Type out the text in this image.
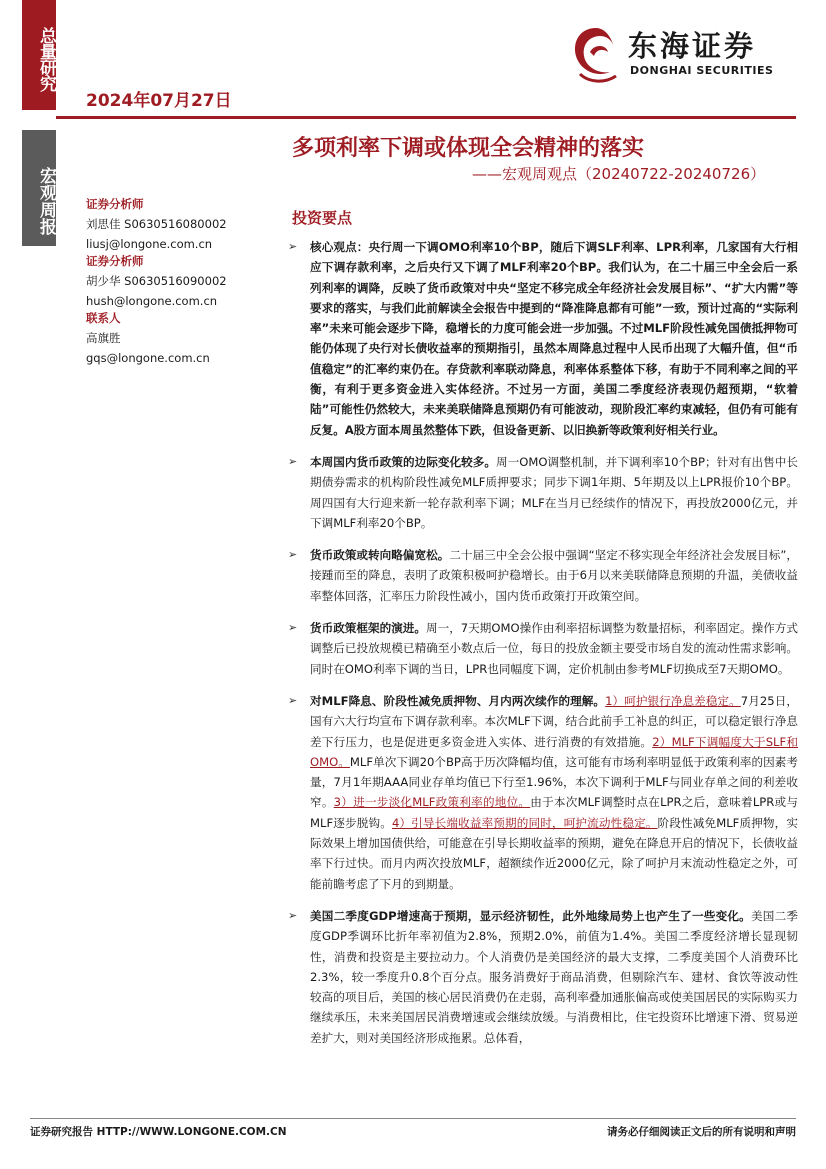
总量研究
2024年07月27日
东海证券
DONGHAI SECURITIES
宏观周报
多项利率下调或体现全会精神的落实
——宏观周观点（20240722-20240726）
证券分析师
刘思佳 S0630516080002
liusj@longone.com.cn
证券分析师
胡少华 S0630516090002
hush@longone.com.cn
联系人
高旗胜
gqs@longone.com.cn
投资要点
➢ 核心观点：央行周一下调OMO利率10个BP，随后下调SLF利率、LPR利率，几家国有大行相应下调存款利率，之后央行又下调了MLF利率20个BP。我们认为，在二十届三中全会后一系列利率的调降，反映了货币政策对中央“坚定不移完成全年经济社会发展目标”、“扩大内需”等要求的落实，与我们此前解读全会报告中提到的“降准降息都有可能”一致，预计过高的“实际利率”未来可能会逐步下降，稳增长的力度可能会进一步加强。不过MLF阶段性减免国债抵押物可能仍体现了央行对长债收益率的预期指引，虽然本周降息过程中人民币出现了大幅升值，但“币值稳定”的汇率约束仍在。存贷款利率联动降息，利率体系整体下移，有助于不同利率之间的平衡，有利于更多资金进入实体经济。不过另一方面，美国二季度经济表现仍超预期，“软着陆”可能性仍然较大，未来美联储降息预期仍有可能波动，现阶段汇率约束减轻，但仍有可能有反复。A股方面本周虽然整体下跌，但设备更新、以旧换新等政策利好相关行业。
➢ 本周国内货币政策的边际变化较多。周一OMO调整机制，并下调利率10个BP；针对有出售中长期债券需求的机构阶段性减免MLF质押要求；同步下调1年期、5年期及以上LPR报价10个BP。周四国有大行迎来新一轮存款利率下调；MLF在当月已经续作的情况下，再投放2000亿元，并下调MLF利率20个BP。
➢ 货币政策或转向略偏宽松。二十届三中全会公报中强调“坚定不移实现全年经济社会发展目标”，接踵而至的降息，表明了政策积极呵护稳增长。由于6月以来美联储降息预期的升温，美债收益率整体回落，汇率压力阶段性减小，国内货币政策打开政策空间。
➢ 货币政策框架的演进。周一，7天期OMO操作由利率招标调整为数量招标，利率固定。操作方式调整后已投放规模已精确至小数点后一位，每日的投放金额主要受市场自发的流动性需求影响。同时在OMO利率下调的当日，LPR也同幅度下调，定价机制由参考MLF切换成至7天期OMO。
➢ 对MLF降息、阶段性减免质押物、月内两次续作的理解。1）呵护银行净息差稳定。7月25日，国有六大行均宣布下调存款利率。本次MLF下调，结合此前手工补息的纠正，可以稳定银行净息差下行压力，也是促进更多资金进入实体、进行消费的有效措施。2）MLF下调幅度大于SLF和OMO。MLF单次下调20个BP高于历次降幅均值，这可能有市场利率明显低于政策利率的因素考量，7月1年期AAA同业存单均值已下行至1.96%，本次下调利于MLF与同业存单之间的利差收窄。3）进一步淡化MLF政策利率的地位。由于本次MLF调整时点在LPR之后，意味着LPR或与MLF逐步脱钩。4）引导长端收益率预期的同时，呵护流动性稳定。阶段性减免MLF质押物，实际效果上增加国债供给，可能意在引导长期收益率的预期，避免在降息开启的情况下，长债收益率下行过快。而月内两次投放MLF，超额续作近2000亿元，除了呵护月末流动性稳定之外，可能前瞻考虑了下月的到期量。
➢ 美国二季度GDP增速高于预期，显示经济韧性，此外地缘局势上也产生了一些变化。美国二季度GDP季调环比折年率初值为2.8%，预期2.0%，前值为1.4%。美国二季度经济增长显现韧性，消费和投资是主要拉动力。个人消费仍是美国经济的最大支撑，二季度美国个人消费环比2.3%，较一季度升0.8个百分点。服务消费好于商品消费，但剔除汽车、建材、食饮等波动性较高的项目后，美国的核心居民消费仍在走弱，高利率叠加通胀偏高或使美国居民的实际购买力继续承压，未来美国居民消费增速或会继续放缓。与消费相比，住宅投资环比增速下滑、贸易逆差扩大，则对美国经济形成拖累。总体看，
证券研究报告 HTTP://WWW.LONGONE.COM.CN	请务必仔细阅读正文后的所有说明和声明
